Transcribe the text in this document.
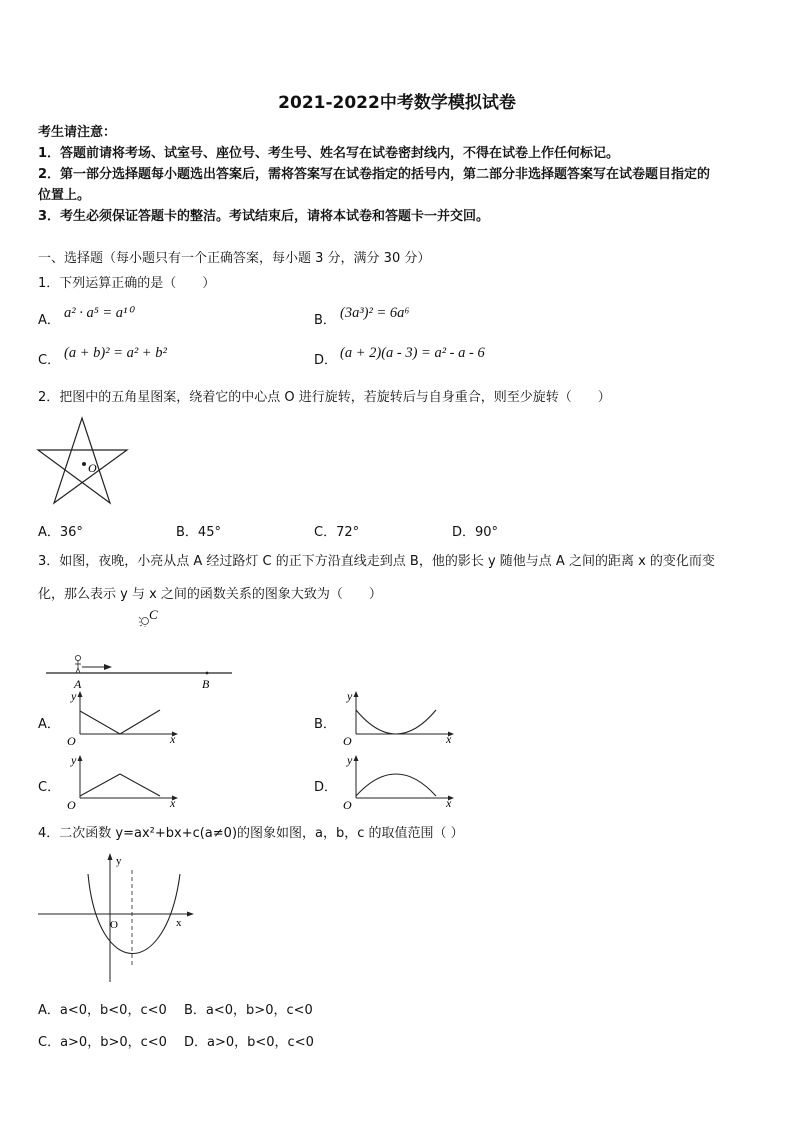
2021-2022中考数学模拟试卷
考生请注意：
1．答题前请将考场、试室号、座位号、考生号、姓名写在试卷密封线内，不得在试卷上作任何标记。
2．第一部分选择题每小题选出答案后，需将答案写在试卷指定的括号内，第二部分非选择题答案写在试卷题目指定的
位置上。
3．考生必须保证答题卡的整洁。考试结束后，请将本试卷和答题卡一并交回。
一、选择题（每小题只有一个正确答案，每小题 3 分，满分 30 分）
1．下列运算正确的是（　　）
A． a² · a⁵ = a¹⁰	B． (3a³)² = 6a⁶
C． (a + b)² = a² + b²	D． (a + 2)(a - 3) = a² - a - 6
2．把图中的五角星图案，绕着它的中心点 O 进行旋转，若旋转后与自身重合，则至少旋转（　　）
O
A．36°	B．45°	C．72°	D．90°
3．如图，夜晚，小亮从点 A 经过路灯 C 的正下方沿直线走到点 B，他的影长 y 随他与点 A 之间的距离 x 的变化而变
化，那么表示 y 与 x 之间的函数关系的图象大致为（　　）
C
A	B
A．
y
x
O
B．
y
x
O
C．
y
x
O
D．
y
x
O
4．二次函数 y=ax²+bx+c(a≠0)的图象如图，a，b，c 的取值范围（ ）
y
x
O
A．a<0，b<0，c<0 B．a<0，b>0，c<0
C．a>0，b>0，c<0 D．a>0，b<0，c<0
